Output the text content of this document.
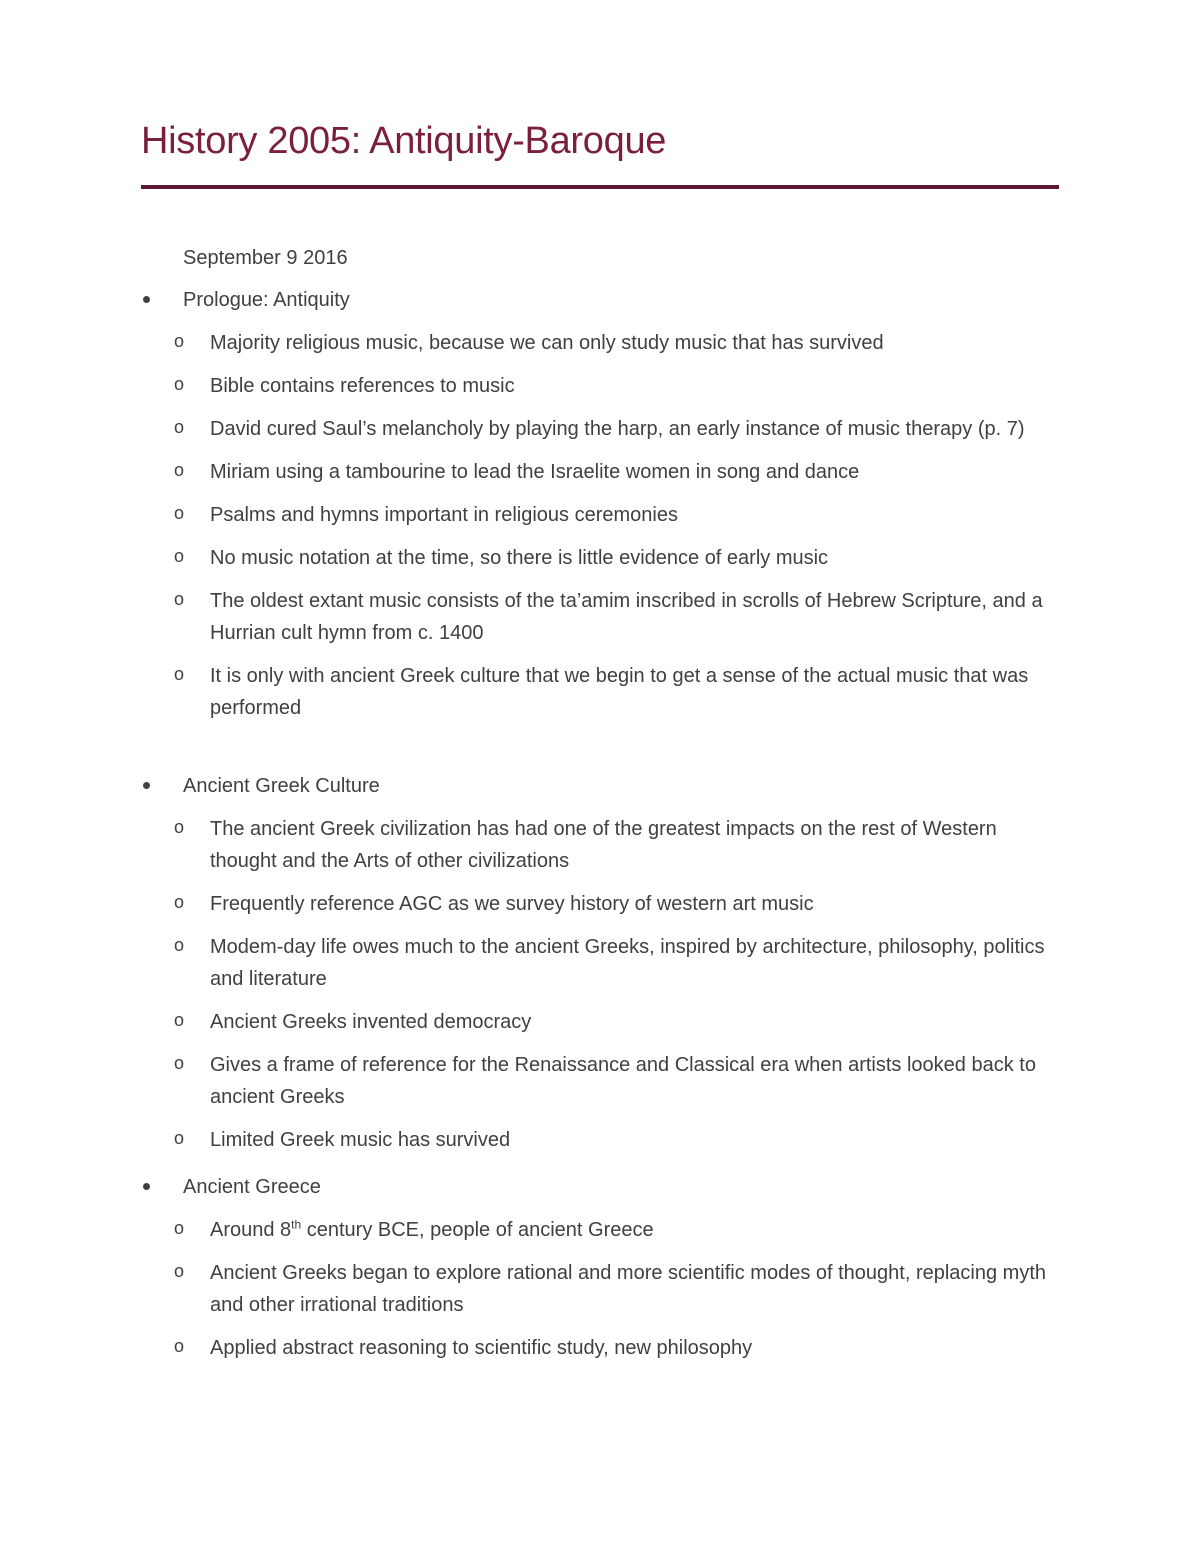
History 2005: Antiquity-Baroque
September 9 2016
Prologue: Antiquity
o Majority religious music, because we can only study music that has survived
o Bible contains references to music
o David cured Saul’s melancholy by playing the harp, an early instance of music therapy (p. 7)
o Miriam using a tambourine to lead the Israelite women in song and dance
o Psalms and hymns important in religious ceremonies
o No music notation at the time, so there is little evidence of early music
o The oldest extant music consists of the ta’amim inscribed in scrolls of Hebrew Scripture, and a Hurrian cult hymn from c. 1400
o It is only with ancient Greek culture that we begin to get a sense of the actual music that was performed
Ancient Greek Culture
o The ancient Greek civilization has had one of the greatest impacts on the rest of Western thought and the Arts of other civilizations
o Frequently reference AGC as we survey history of western art music
o Modem-day life owes much to the ancient Greeks, inspired by architecture, philosophy, politics and literature
o Ancient Greeks invented democracy
o Gives a frame of reference for the Renaissance and Classical era when artists looked back to ancient Greeks
o Limited Greek music has survived
Ancient Greece
o Around 8th century BCE, people of ancient Greece
o Ancient Greeks began to explore rational and more scientific modes of thought, replacing myth and other irrational traditions
o Applied abstract reasoning to scientific study, new philosophy
